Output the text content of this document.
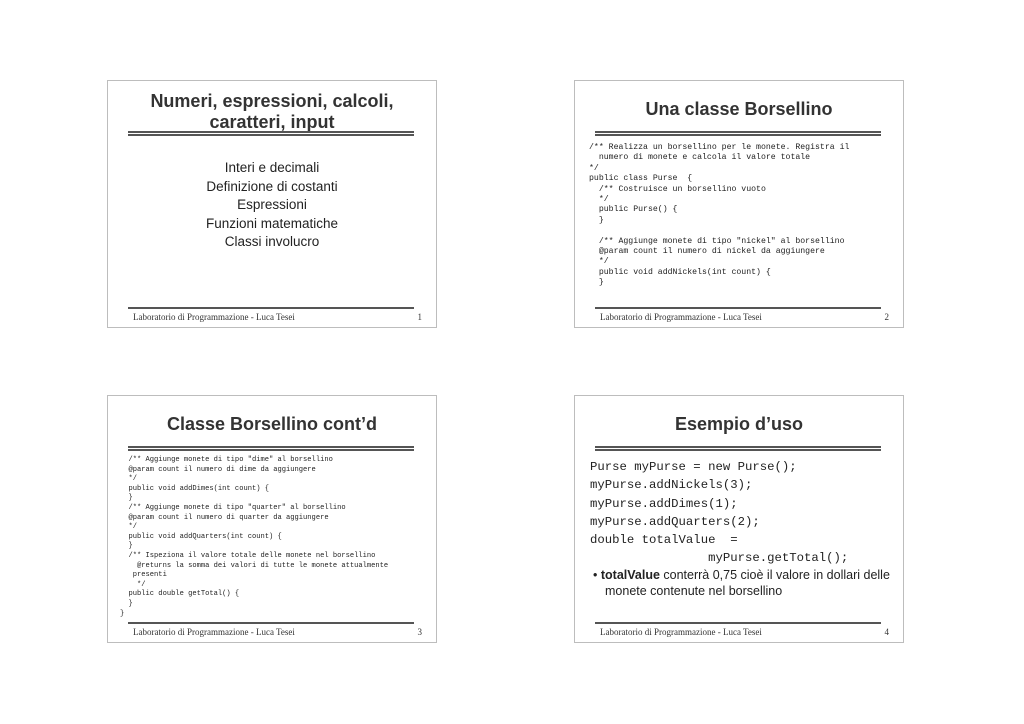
Numeri, espressioni, calcoli,
caratteri, input
Interi e decimali
Definizione di costanti
Espressioni
Funzioni matematiche
Classi involucro
Laboratorio di Programmazione - Luca Tesei	1
Una classe Borsellino
/** Realizza un borsellino per le monete. Registra il
numero di monete e calcola il valore totale
*/
public class Purse  {
/** Costruisce un borsellino vuoto
*/
public Purse() {
}

/** Aggiunge monete di tipo "nickel" al borsellino
@param count il numero di nickel da aggiungere
*/
public void addNickels(int count) {
}
Laboratorio di Programmazione - Luca Tesei	2
Classe Borsellino cont’d
/** Aggiunge monete di tipo "dime" al borsellino
@param count il numero di dime da aggiungere
*/
public void addDimes(int count) {
}
/** Aggiunge monete di tipo "quarter" al borsellino
@param count il numero di quarter da aggiungere
*/
public void addQuarters(int count) {
}
/** Ispeziona il valore totale delle monete nel borsellino
@returns la somma dei valori di tutte le monete attualmente
presenti
*/
public double getTotal() {
}
}
Laboratorio di Programmazione - Luca Tesei	3
Esempio d’uso
Purse myPurse = new Purse();
myPurse.addNickels(3);
myPurse.addDimes(1);
myPurse.addQuarters(2);
double totalValue  =
myPurse.getTotal();
• totalValue conterrà 0,75 cioè il valore in dollari delle monete contenute nel borsellino
Laboratorio di Programmazione - Luca Tesei	4
